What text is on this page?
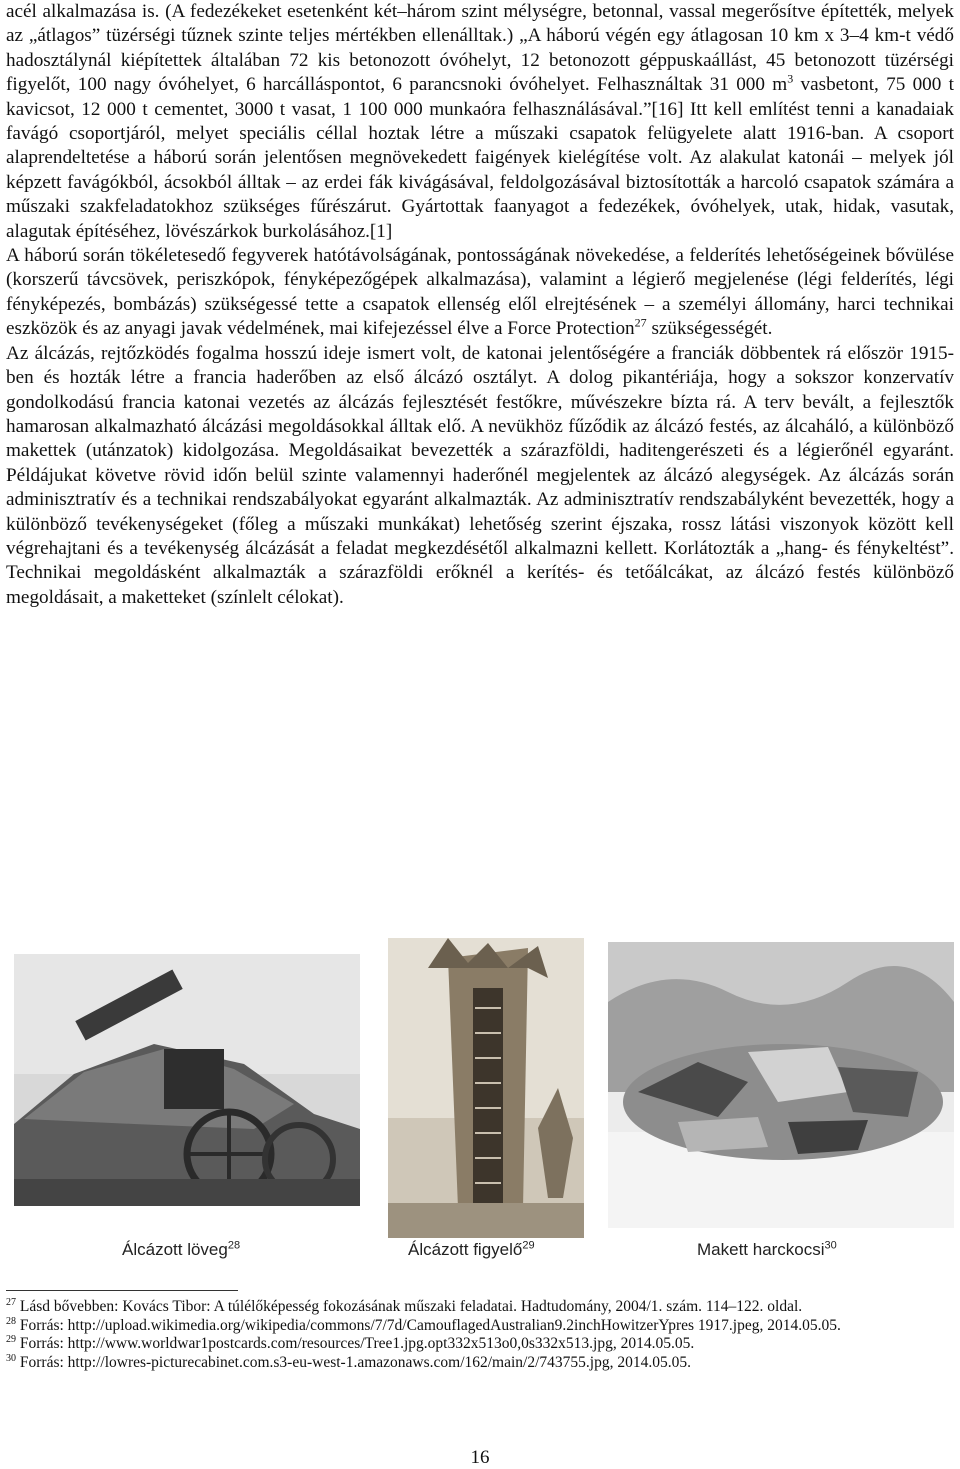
acél alkalmazása is. (A fedezékeket esetenként két–három szint mélységre, betonnal, vassal megerősítve építették, melyek az „átlagos” tüzérségi tűznek szinte teljes mértékben ellenálltak.) „A háború végén egy átlagosan 10 km x 3–4 km-t védő hadosztálynál kiépítettek általában 72 kis betonozott óvóhelyt, 12 betonozott géppuskaállást, 45 betonozott tüzérségi figyelőt, 100 nagy óvóhelyet, 6 harcálláspontot, 6 parancsnoki óvóhelyet. Felhasználtak 31 000 $m^3$ vasbetont, 75 000 t kavicsot, 12 000 t cementet, 3000 t vasat, 1 100 000 munkaóra felhasználásával.”[16] Itt kell említést tenni a kanadaiak favágó csoportjáról, melyet speciális céllal hoztak létre a műszaki csapatok felügyelete alatt 1916-ban. A csoport alaprendeltetése a háború során jelentősen megnövekedett faigények kielégítése volt. Az alakulat katonái – melyek jól képzett favágókból, ácsokból álltak – az erdei fák kivágásával, feldolgozásával biztosították a harcoló csapatok számára a műszaki szakfeladatokhoz szükséges fűrészárut. Gyártottak faanyagot a fedezékek, óvóhelyek, utak, hidak, vasutak, alagutak építéséhez, lövészárkok burkolásához.[1]

A háború során tökéletesedő fegyverek hatótávolságának, pontosságának növekedése, a felderítés lehetőségeinek bővülése (korszerű távcsövek, periszkópok, fényképezőgépek alkalmazása), valamint a légierő megjelenése (légi felderítés, légi fényképezés, bombázás) szükségessé tette a csapatok ellenség elől elrejtésének – a személyi állomány, harci technikai eszközök és az anyagi javak védelmének, mai kifejezéssel élve a Force Protection$^{27}$ szükségességét.

Az álcázás, rejtőzködés fogalma hosszú ideje ismert volt, de katonai jelentőségére a franciák döbbentek rá először 1915-ben és hozták létre a francia haderőben az első álcázó osztályt. A dolog pikantériája, hogy a sokszor konzervatív gondolkodású francia katonai vezetés az álcázás fejlesztését festőkre, művészekre bízta rá. A terv bevált, a fejlesztők hamarosan alkalmazható álcázási megoldásokkal álltak elő. A nevükhöz fűződik az álcázó festés, az álcaháló, a különböző makettek (utánzatok) kidolgozása. Megoldásaikat bevezették a szárazföldi, haditengerészeti és a légierőnél egyaránt. Példájukat követve rövid időn belül szinte valamennyi haderőnél megjelentek az álcázó alegységek. Az álcázás során adminisztratív és a technikai rendszabályokat egyaránt alkalmazták. Az adminisztratív rendszabályként bevezették, hogy a különböző tevékenységeket (főleg a műszaki munkákat) lehetőség szerint éjszaka, rossz látási viszonyok között kell végrehajtani és a tevékenység álcázását a feladat megkezdésétől alkalmazni kellett. Korlátozták a „hang- és fénykeltést”. Technikai megoldásként alkalmazták a szárazföldi erőknél a kerítés- és tetőálcákat, az álcázó festés különböző megoldásait, a maketteket (színlelt célokat).

Álcázott löveg$^{28}$	Álcázott figyelő$^{29}$	Makett harckocsi$^{30}$

$^{27}$ Lásd bővebben: Kovács Tibor: A túlélőképesség fokozásának műszaki feladatai. Hadtudomány, 2004/1. szám. 114–122. oldal.

$^{28}$ Forrás: http://upload.wikimedia.org/wikipedia/commons/7/7d/CamouflagedAustralian9.2inchHowitzerYpres 1917.jpeg, 2014.05.05.

$^{29}$ Forrás: http://www.worldwar1postcards.com/resources/Tree1.jpg.opt332x513o0,0s332x513.jpg, 2014.05.05.

$^{30}$ Forrás: http://lowres-picturecabinet.com.s3-eu-west-1.amazonaws.com/162/main/2/743755.jpg, 2014.05.05.

16
